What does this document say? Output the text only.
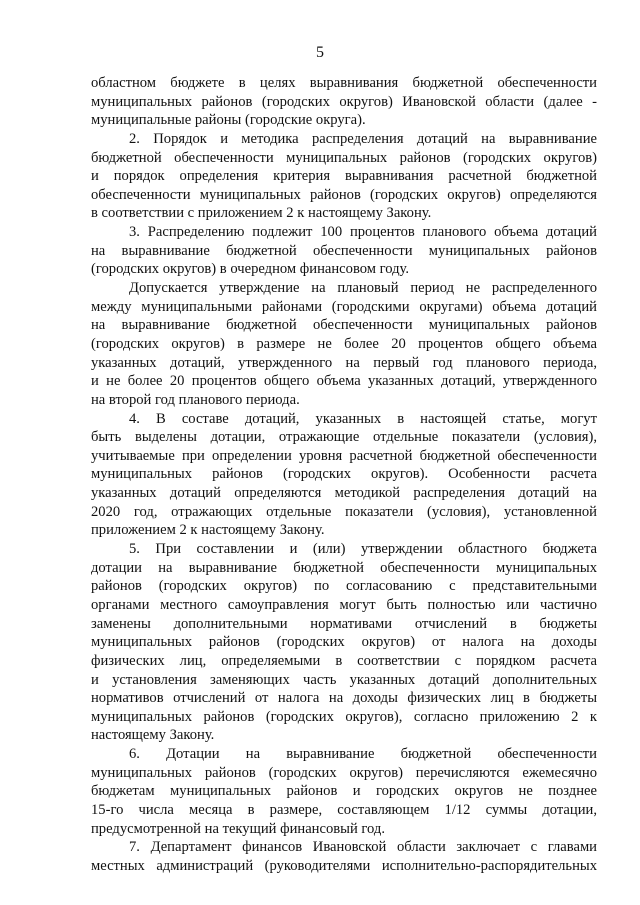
5

областном бюджете в целях выравнивания бюджетной обеспеченности
муниципальных районов (городских округов) Ивановской области (далее -
муниципальные районы (городские округа).

2. Порядок и методика распределения дотаций на выравнивание
бюджетной обеспеченности муниципальных районов (городских округов)
и порядок определения критерия выравнивания расчетной бюджетной
обеспеченности муниципальных районов (городских округов) определяются
в соответствии с приложением 2 к настоящему Закону.

3. Распределению подлежит 100 процентов планового объема дотаций
на выравнивание бюджетной обеспеченности муниципальных районов
(городских округов) в очередном финансовом году.

Допускается утверждение на плановый период не распределенного
между муниципальными районами (городскими округами) объема дотаций
на выравнивание бюджетной обеспеченности муниципальных районов
(городских округов) в размере не более 20 процентов общего объема
указанных дотаций, утвержденного на первый год планового периода,
и не более 20 процентов общего объема указанных дотаций, утвержденного
на второй год планового периода.

4. В составе дотаций, указанных в настоящей статье, могут
быть выделены дотации, отражающие отдельные показатели (условия),
учитываемые при определении уровня расчетной бюджетной обеспеченности
муниципальных районов (городских округов). Особенности расчета
указанных дотаций определяются методикой распределения дотаций на
2020 год, отражающих отдельные показатели (условия), установленной
приложением 2 к настоящему Закону.

5. При составлении и (или) утверждении областного бюджета
дотации на выравнивание бюджетной обеспеченности муниципальных
районов (городских округов) по согласованию с представительными
органами местного самоуправления могут быть полностью или частично
заменены дополнительными нормативами отчислений в бюджеты
муниципальных районов (городских округов) от налога на доходы
физических лиц, определяемыми в соответствии с порядком расчета
и установления заменяющих часть указанных дотаций дополнительных
нормативов отчислений от налога на доходы физических лиц в бюджеты
муниципальных районов (городских округов), согласно приложению 2 к
настоящему Закону.

6. Дотации на выравнивание бюджетной обеспеченности
муниципальных районов (городских округов) перечисляются ежемесячно
бюджетам муниципальных районов и городских округов не позднее
15-го числа месяца в размере, составляющем 1/12 суммы дотации,
предусмотренной на текущий финансовый год.

7. Департамент финансов Ивановской области заключает с главами
местных администраций (руководителями исполнительно-распорядительных
